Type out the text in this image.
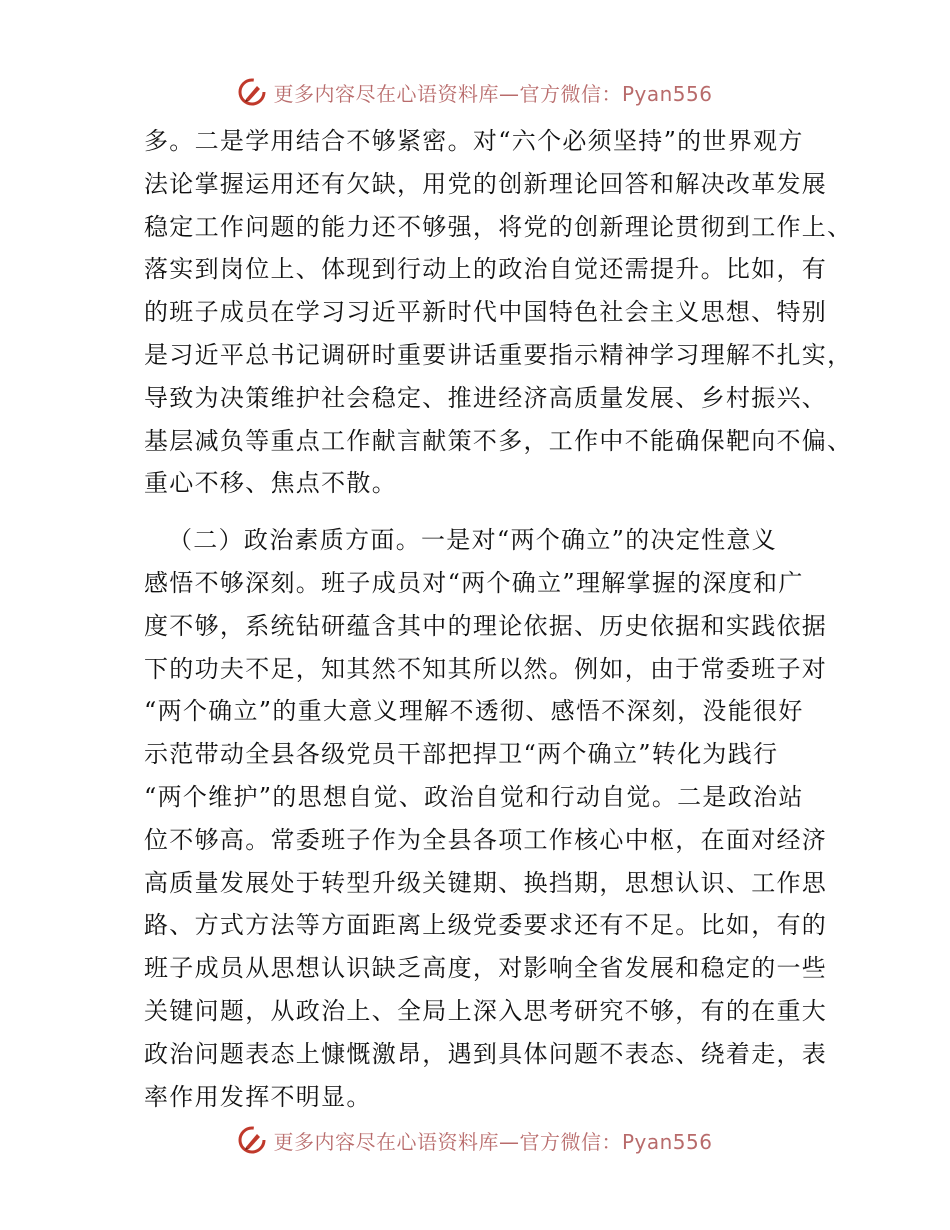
更多内容尽在心语资料库—官方微信：Pyan556
多。二是学用结合不够紧密。对“六个必须坚持”的世界观方
法论掌握运用还有欠缺，用党的创新理论回答和解决改革发展
稳定工作问题的能力还不够强，将党的创新理论贯彻到工作上、
落实到岗位上、体现到行动上的政治自觉还需提升。比如，有
的班子成员在学习习近平新时代中国特色社会主义思想、特别
是习近平总书记调研时重要讲话重要指示精神学习理解不扎实，
导致为决策维护社会稳定、推进经济高质量发展、乡村振兴、
基层减负等重点工作献言献策不多，工作中不能确保靶向不偏、
重心不移、焦点不散。
（二）政治素质方面。一是对“两个确立”的决定性意义
感悟不够深刻。班子成员对“两个确立”理解掌握的深度和广
度不够，系统钻研蕴含其中的理论依据、历史依据和实践依据
下的功夫不足，知其然不知其所以然。例如，由于常委班子对
“两个确立”的重大意义理解不透彻、感悟不深刻，没能很好
示范带动全县各级党员干部把捍卫“两个确立”转化为践行
“两个维护”的思想自觉、政治自觉和行动自觉。二是政治站
位不够高。常委班子作为全县各项工作核心中枢，在面对经济
高质量发展处于转型升级关键期、换挡期，思想认识、工作思
路、方式方法等方面距离上级党委要求还有不足。比如，有的
班子成员从思想认识缺乏高度，对影响全省发展和稳定的一些
关键问题，从政治上、全局上深入思考研究不够，有的在重大
政治问题表态上慷慨激昂，遇到具体问题不表态、绕着走，表
率作用发挥不明显。
更多内容尽在心语资料库—官方微信：Pyan556
